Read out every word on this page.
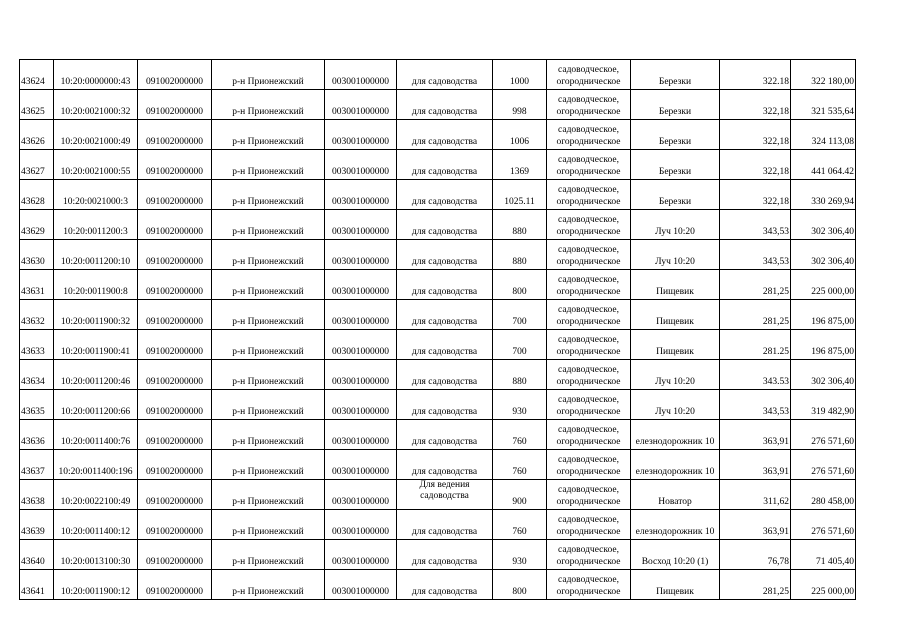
43624	10:20:0000000:43	091002000000	р-н Прионежский	003001000000	для садоводства	1000	садоводческое,
огородническое	Березки	322.18	322 180,00
43625	10:20:0021000:32	091002000000	р-н Прионежский	003001000000	для садоводства	998	садоводческое,
огородническое	Березки	322,18	321 535,64
43626	10:20:0021000:49	091002000000	р-н Прионежский	003001000000	для садоводства	1006	садоводческое,
огородническое	Березки	322,18	324 113,08
43627	10:20:0021000:55	091002000000	р-н Прионежский	003001000000	для садоводства	1369	садоводческое,
огородническое	Березки	322,18	441 064.42
43628	10:20:0021000:3	091002000000	р-н Прионежский	003001000000	для садоводства	1025.11	садоводческое,
огородническое	Березки	322,18	330 269,94
43629	10:20:0011200:3	091002000000	р-н Прионежский	003001000000	для садоводства	880	садоводческое,
огородническое	Луч 10:20	343,53	302 306,40
43630	10:20:0011200:10	091002000000	р-н Прионежский	003001000000	для садоводства	880	садоводческое,
огородническое	Луч 10:20	343,53	302 306,40
43631	10:20:0011900:8	091002000000	р-н Прионежский	003001000000	для садоводства	800	садоводческое,
огородническое	Пищевик	281,25	225 000,00
43632	10:20:0011900:32	091002000000	р-н Прионежский	003001000000	для садоводства	700	садоводческое,
огородническое	Пищевик	281,25	196 875,00
43633	10:20:0011900:41	091002000000	р-н Прионежский	003001000000	для садоводства	700	садоводческое,
огородническое	Пищевик	281.25	196 875,00
43634	10:20:0011200:46	091002000000	р-н Прионежский	003001000000	для садоводства	880	садоводческое,
огородническое	Луч 10:20	343.53	302 306,40
43635	10:20:0011200:66	091002000000	р-н Прионежский	003001000000	для садоводства	930	садоводческое,
огородническое	Луч 10:20	343,53	319 482,90
43636	10:20:0011400:76	091002000000	р-н Прионежский	003001000000	для садоводства	760	садоводческое,
огородническое	елезнодорожник 10	363,91	276 571,60
43637	10:20:0011400:196	091002000000	р-н Прионежский	003001000000	для садоводства	760	садоводческое,
огородническое	елезнодорожник 10	363,91	276 571,60
43638	10:20:0022100:49	091002000000	р-н Прионежский	003001000000	Для ведения садоводства	900	садоводческое,
огородническое	Новатор	311,62	280 458,00
43639	10:20:0011400:12	091002000000	р-н Прионежский	003001000000	для садоводства	760	садоводческое,
огородническое	елезнодорожник 10	363,91	276 571,60
43640	10:20:0013100:30	091002000000	р-н Прионежский	003001000000	для садоводства	930	садоводческое,
огородническое	Восход 10:20 (1)	76,78	71 405,40
43641	10:20:0011900:12	091002000000	р-н Прионежский	003001000000	для садоводства	800	садоводческое,
огородническое	Пищевик	281,25	225 000,00
